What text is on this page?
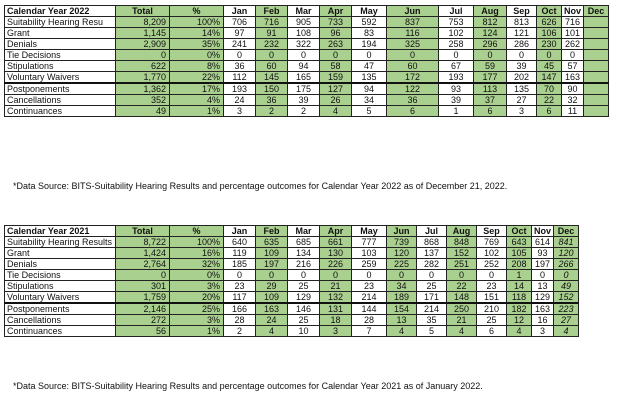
Calendar Year 2022	Total	%	Jan	Feb	Mar	Apr	May	Jun	Jul	Aug	Sep	Oct	Nov	Dec
Suitability Hearing Resu	8,209	100%	706	716	905	733	592	837	753	812	813	626	716	
Grant	1,145	14%	97	91	108	96	83	116	102	124	121	106	101	
Denials	2,909	35%	241	232	322	263	194	325	258	296	286	230	262	
Tie Decisions	0	0%	0	0	0	0	0	0	0	0	0	0	0	
Stipulations	622	8%	36	60	94	58	47	60	67	59	39	45	57	
Voluntary Waivers	1,770	22%	112	145	165	159	135	172	193	177	202	147	163	
Postponements	1,362	17%	193	150	175	127	94	122	93	113	135	70	90	
Cancellations	352	4%	24	36	39	26	34	36	39	37	27	22	32	
Continuances	49	1%	3	2	2	4	5	6	1	6	3	6	11	
*Data Source: BITS-Suitability Hearing Results and percentage outcomes for Calendar Year 2022 as of December 21, 2022.
Calendar Year 2021	Total	%	Jan	Feb	Mar	Apr	May	Jun	Jul	Aug	Sep	Oct	Nov	Dec
Suitability Hearing Results	8,722	100%	640	635	685	661	777	739	868	848	769	643	614	841
Grant	1,424	16%	119	109	134	130	103	120	137	152	102	105	93	120
Denials	2,764	32%	185	197	216	226	259	225	282	251	252	208	197	266
Tie Decisions	0	0%	0	0	0	0	0	0	0	0	0	1	0	0
Stipulations	301	3%	23	29	25	21	23	34	25	22	23	14	13	49
Voluntary Waivers	1,759	20%	117	109	129	132	214	189	171	148	151	118	129	152
Postponements	2,146	25%	166	163	146	131	144	154	214	250	210	182	163	223
Cancellations	272	3%	28	24	25	18	28	13	35	21	25	12	16	27
Continuances	56	1%	2	4	10	3	7	4	5	4	6	4	3	4
*Data Source: BITS-Suitability Hearing Results and percentage outcomes for Calendar Year 2021 as of January 2022.
